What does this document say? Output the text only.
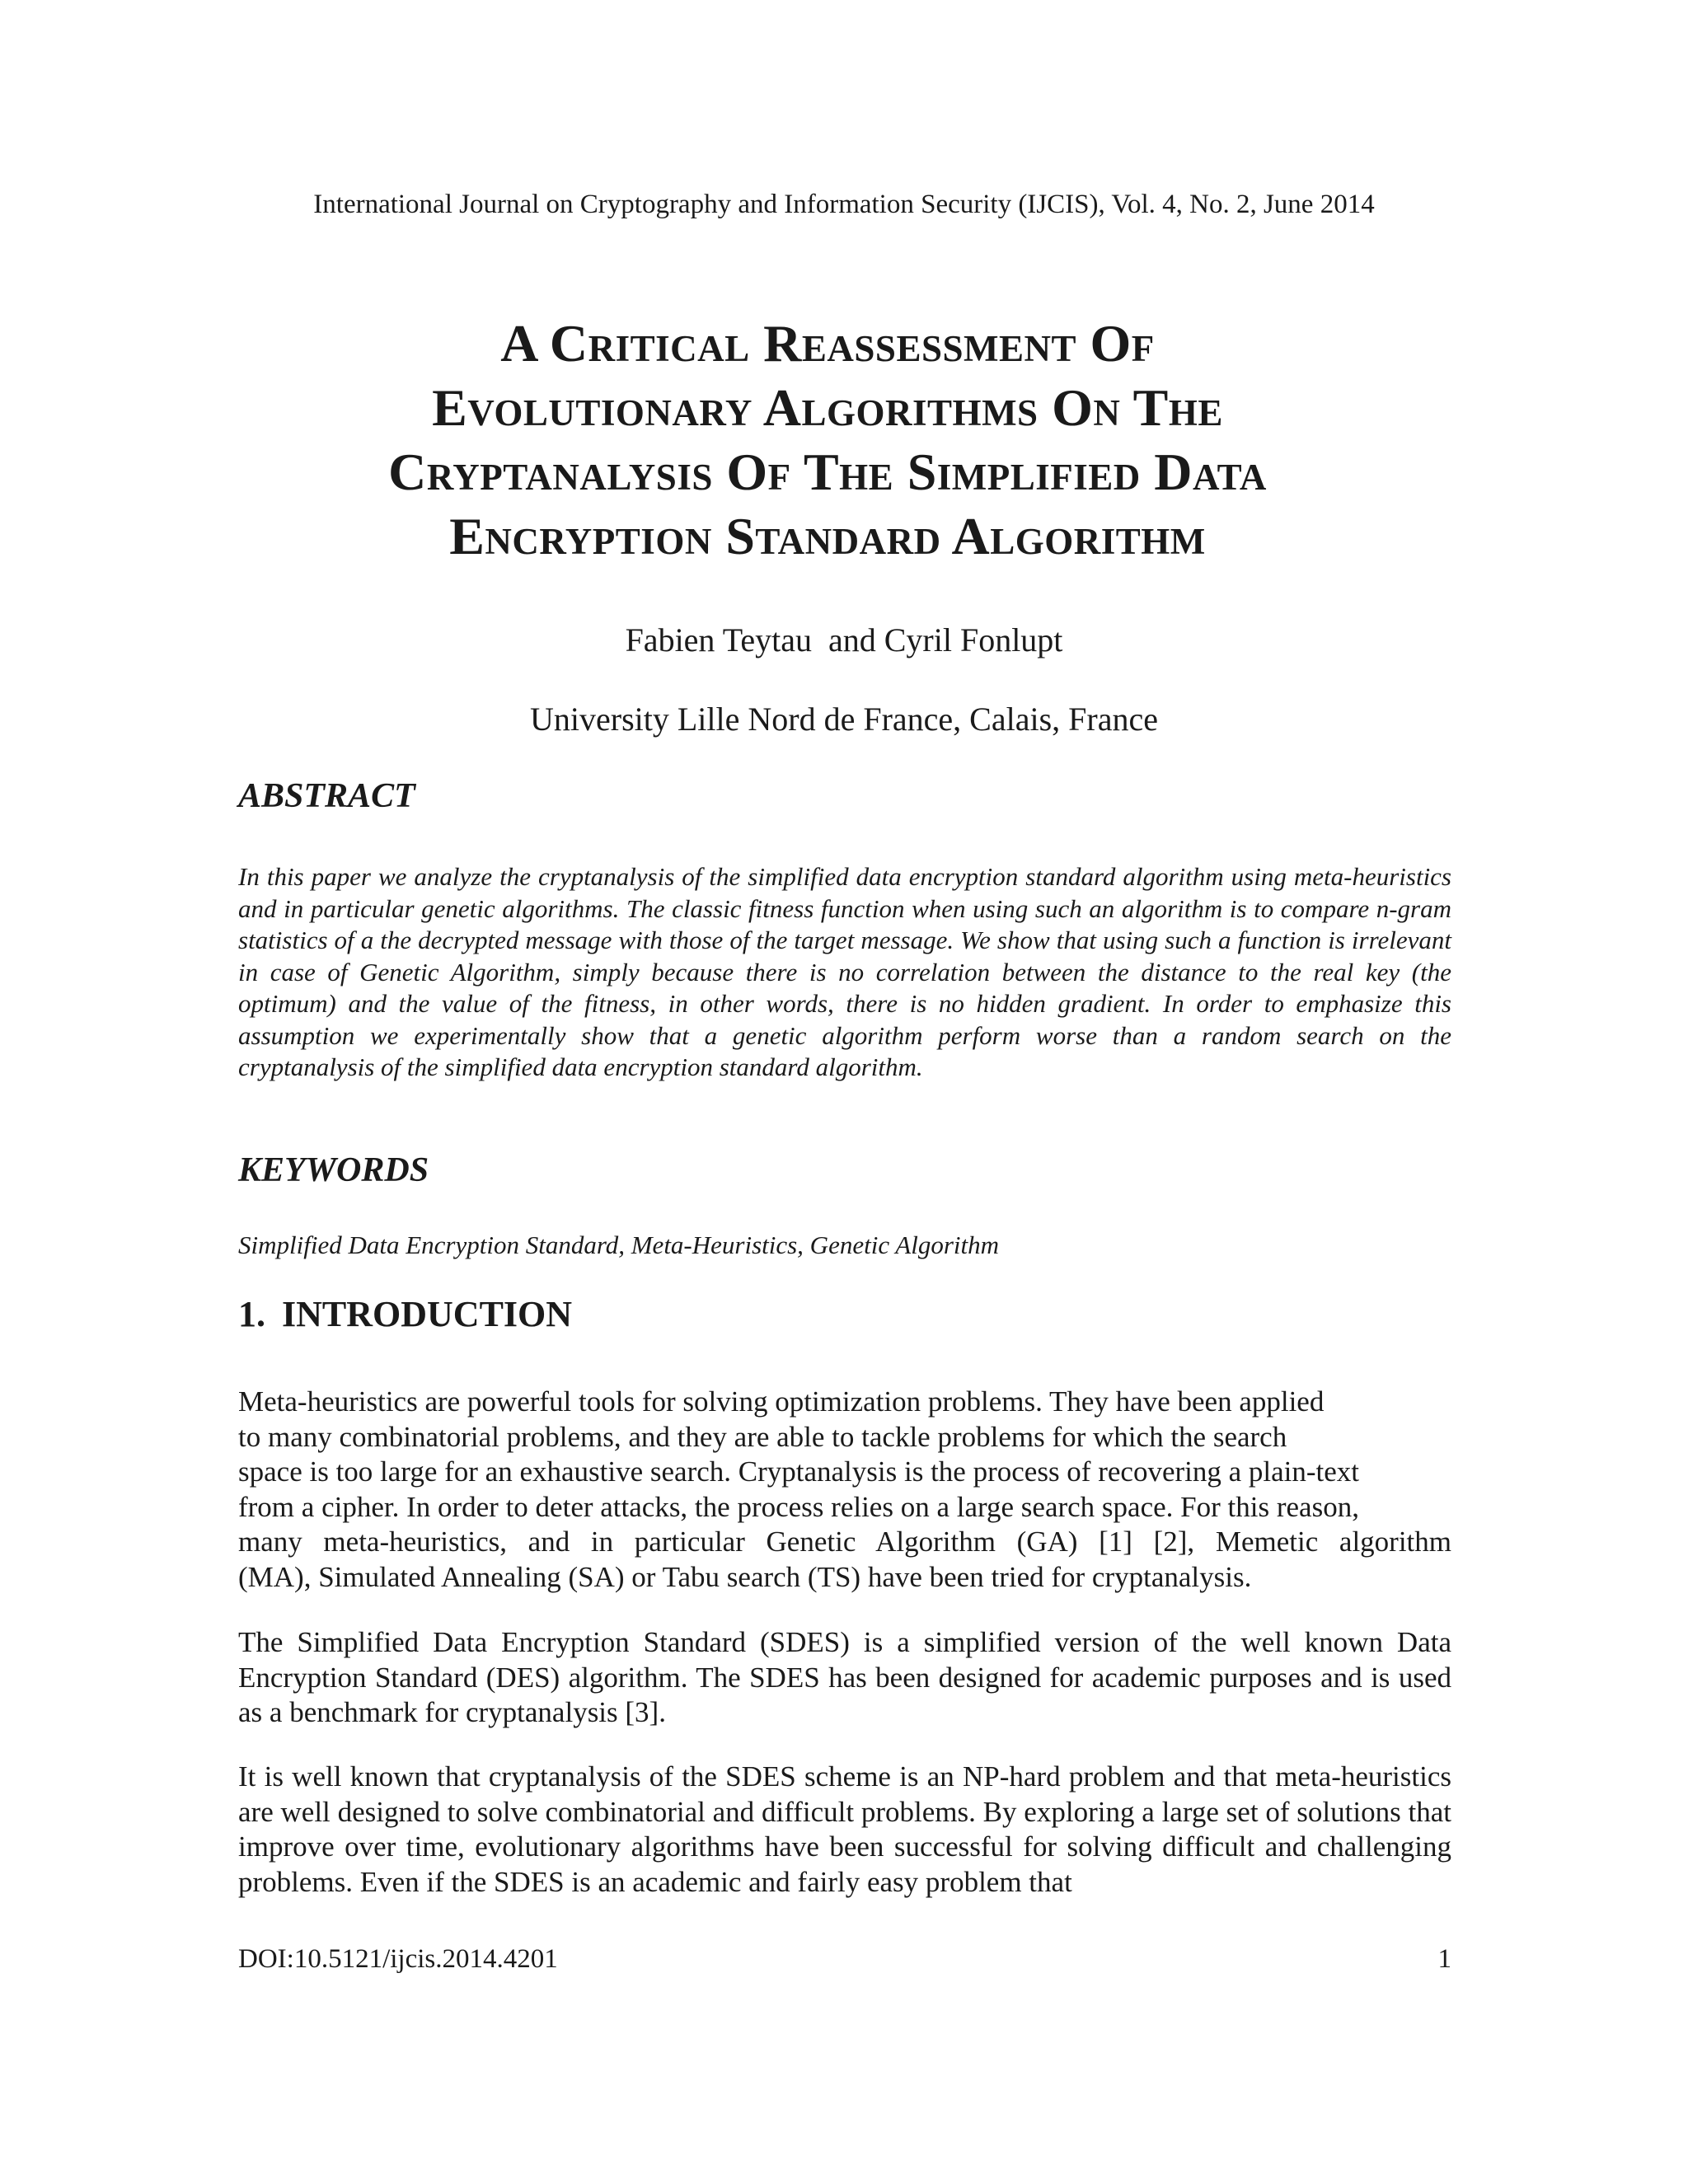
International Journal on Cryptography and Information Security (IJCIS), Vol. 4, No. 2, June 2014
A Critical Reassessment Of
Evolutionary Algorithms On The
Cryptanalysis Of The Simplified Data
Encryption Standard Algorithm
Fabien Teytau  and Cyril Fonlupt
University Lille Nord de France, Calais, France
ABSTRACT
In this paper we analyze the cryptanalysis of the simplified data encryption standard algorithm using meta-heuristics and in particular genetic algorithms. The classic fitness function when using such an algorithm is to compare n-gram statistics of a the decrypted message with those of the target message. We show that using such a function is irrelevant in case of Genetic Algorithm, simply because there is no correlation between the distance to the real key (the optimum) and the value of the fitness, in other words, there is no hidden gradient. In order to emphasize this assumption we experimentally show that a genetic algorithm perform worse than a random search on the cryptanalysis of the simplified data encryption standard algorithm.
KEYWORDS
Simplified Data Encryption Standard, Meta-Heuristics, Genetic Algorithm
1. INTRODUCTION
Meta-heuristics are powerful tools for solving optimization problems. They have been applied
to many combinatorial problems, and they are able to tackle problems for which the search
space is too large for an exhaustive search. Cryptanalysis is the process of recovering a plain-text
from a cipher. In order to deter attacks, the process relies on a large search space. For this reason,
many meta-heuristics, and in particular Genetic Algorithm (GA) [1] [2], Memetic algorithm
(MA), Simulated Annealing (SA) or Tabu search (TS) have been tried for cryptanalysis.
The Simplified Data Encryption Standard (SDES) is a simplified version of the well known Data Encryption Standard (DES) algorithm. The SDES has been designed for academic purposes and is used as a benchmark for cryptanalysis [3].
It is well known that cryptanalysis of the SDES scheme is an NP-hard problem and that meta-heuristics are well designed to solve combinatorial and difficult problems. By exploring a large set of solutions that improve over time, evolutionary algorithms have been successful for solving difficult and challenging problems. Even if the SDES is an academic and fairly easy problem that
DOI:10.5121/ijcis.2014.4201	1
